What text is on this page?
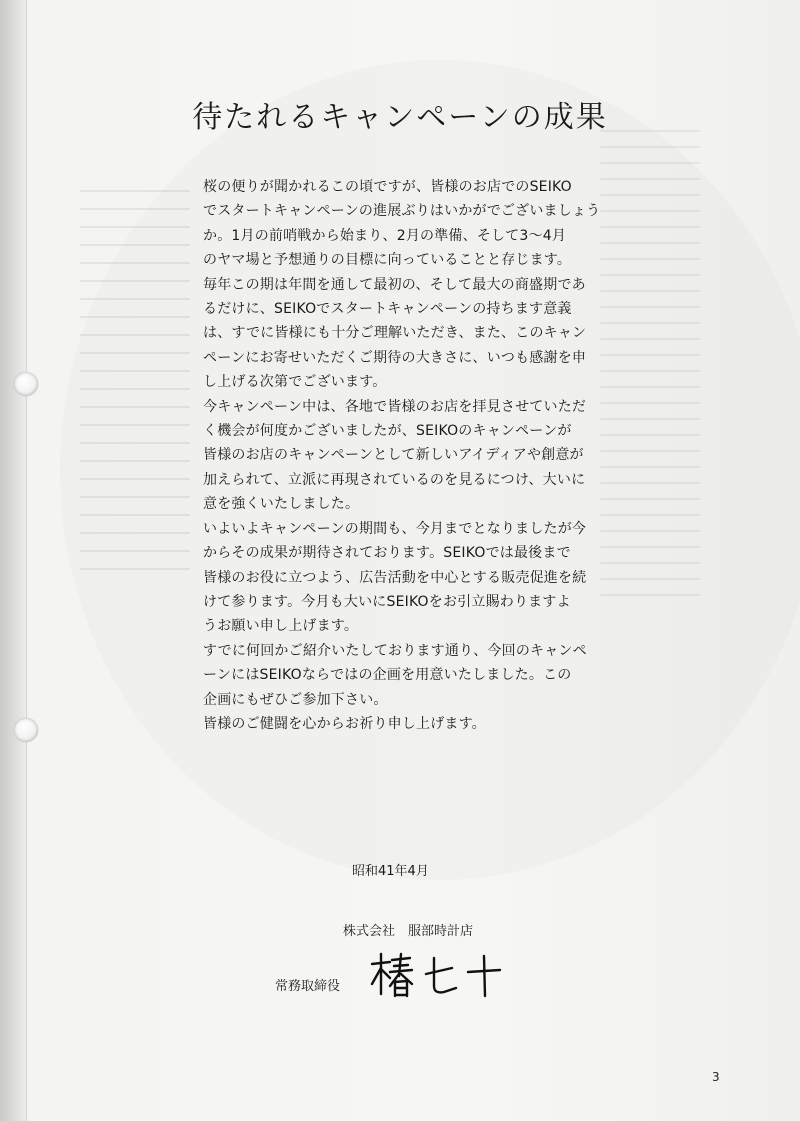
待たれるキャンペーンの成果
桜の便りが聞かれるこの頃ですが、皆様のお店でのSEIKO
でスタートキャンペーンの進展ぶりはいかがでございましょう
か。1月の前哨戦から始まり、2月の準備、そして3～4月
のヤマ場と予想通りの目標に向っていることと存じます。
毎年この期は年間を通して最初の、そして最大の商盛期であ
るだけに、SEIKOでスタートキャンペーンの持ちます意義
は、すでに皆様にも十分ご理解いただき、また、このキャン
ペーンにお寄せいただくご期待の大きさに、いつも感謝を申
し上げる次第でございます。
今キャンペーン中は、各地で皆様のお店を拝見させていただ
く機会が何度かございましたが、SEIKOのキャンペーンが
皆様のお店のキャンペーンとして新しいアイディアや創意が
加えられて、立派に再現されているのを見るにつけ、大いに
意を強くいたしました。
いよいよキャンペーンの期間も、今月までとなりましたが今
からその成果が期待されております。SEIKOでは最後まで
皆様のお役に立つよう、広告活動を中心とする販売促進を続
けて参ります。今月も大いにSEIKOをお引立賜わりますよ
うお願い申し上げます。
すでに何回かご紹介いたしております通り、今回のキャンペ
ーンにはSEIKOならではの企画を用意いたしました。この
企画にもぜひご参加下さい。
皆様のご健闘を心からお祈り申し上げます。
昭和41年4月
株式会社　服部時計店
常務取締役
3
